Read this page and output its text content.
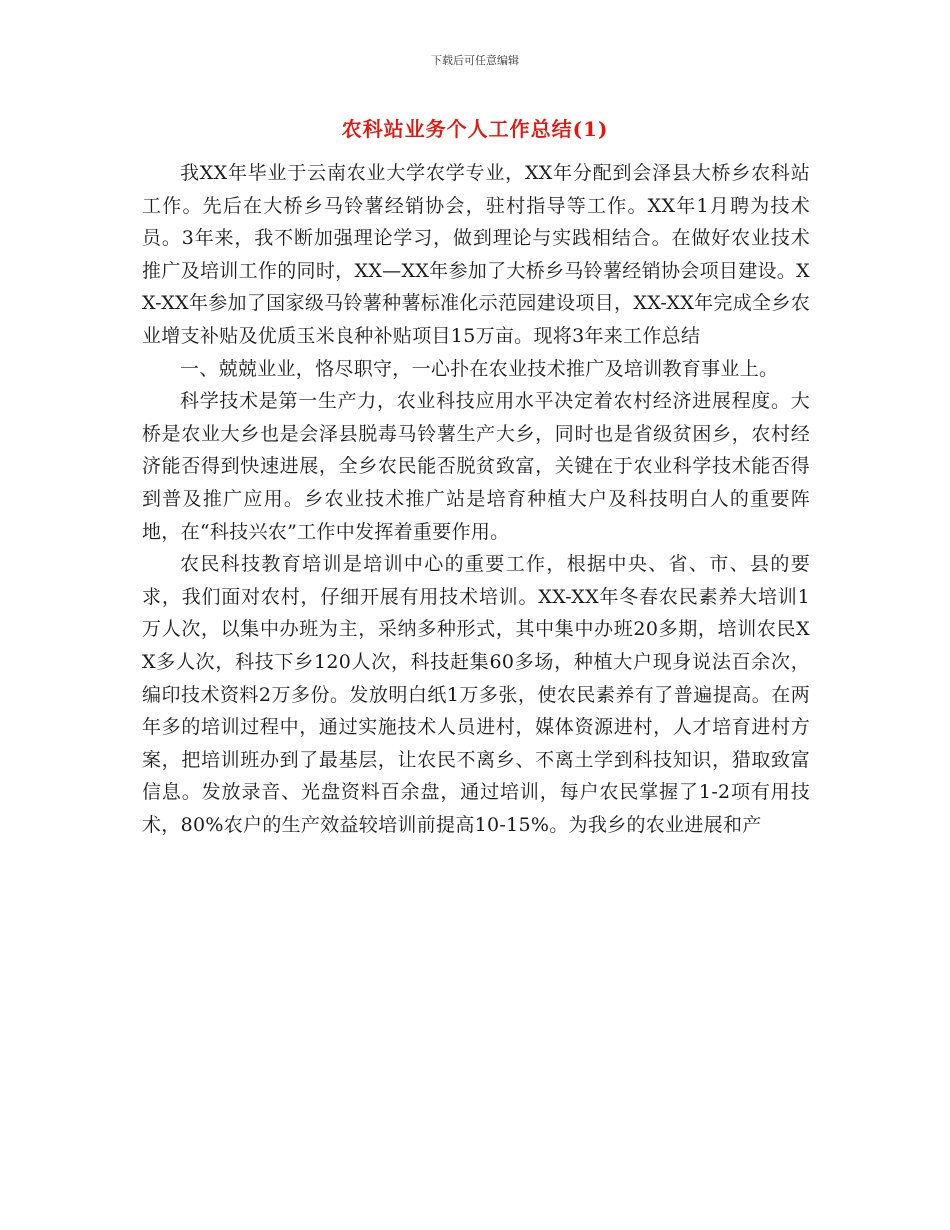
下载后可任意编辑
农科站业务个人工作总结(1)

我XX年毕业于云南农业大学农学专业，XX年分配到会泽县大桥乡农科站工作。先后在大桥乡马铃薯经销协会，驻村指导等工作。XX年1月聘为技术员。3年来，我不断加强理论学习，做到理论与实践相结合。在做好农业技术推广及培训工作的同时，XX—XX年参加了大桥乡马铃薯经销协会项目建设。XX-XX年参加了国家级马铃薯种薯标准化示范园建设项目，XX-XX年完成全乡农业增支补贴及优质玉米良种补贴项目15万亩。现将3年来工作总结

一、兢兢业业，恪尽职守，一心扑在农业技术推广及培训教育事业上。

科学技术是第一生产力，农业科技应用水平决定着农村经济进展程度。大桥是农业大乡也是会泽县脱毒马铃薯生产大乡，同时也是省级贫困乡，农村经济能否得到快速进展，全乡农民能否脱贫致富，关键在于农业科学技术能否得到普及推广应用。乡农业技术推广站是培育种植大户及科技明白人的重要阵地，在“科技兴农”工作中发挥着重要作用。

农民科技教育培训是培训中心的重要工作，根据中央、省、市、县的要求，我们面对农村，仔细开展有用技术培训。XX-XX年冬春农民素养大培训1万人次，以集中办班为主，采纳多种形式，其中集中办班20多期，培训农民XX多人次，科技下乡120人次，科技赶集60多场，种植大户现身说法百余次，编印技术资料2万多份。发放明白纸1万多张，使农民素养有了普遍提高。在两年多的培训过程中，通过实施技术人员进村，媒体资源进村，人才培育进村方案，把培训班办到了最基层，让农民不离乡、不离土学到科技知识，猎取致富信息。发放录音、光盘资料百余盘，通过培训，每户农民掌握了1-2项有用技术，80%农户的生产效益较培训前提高10-15%。为我乡的农业进展和产
